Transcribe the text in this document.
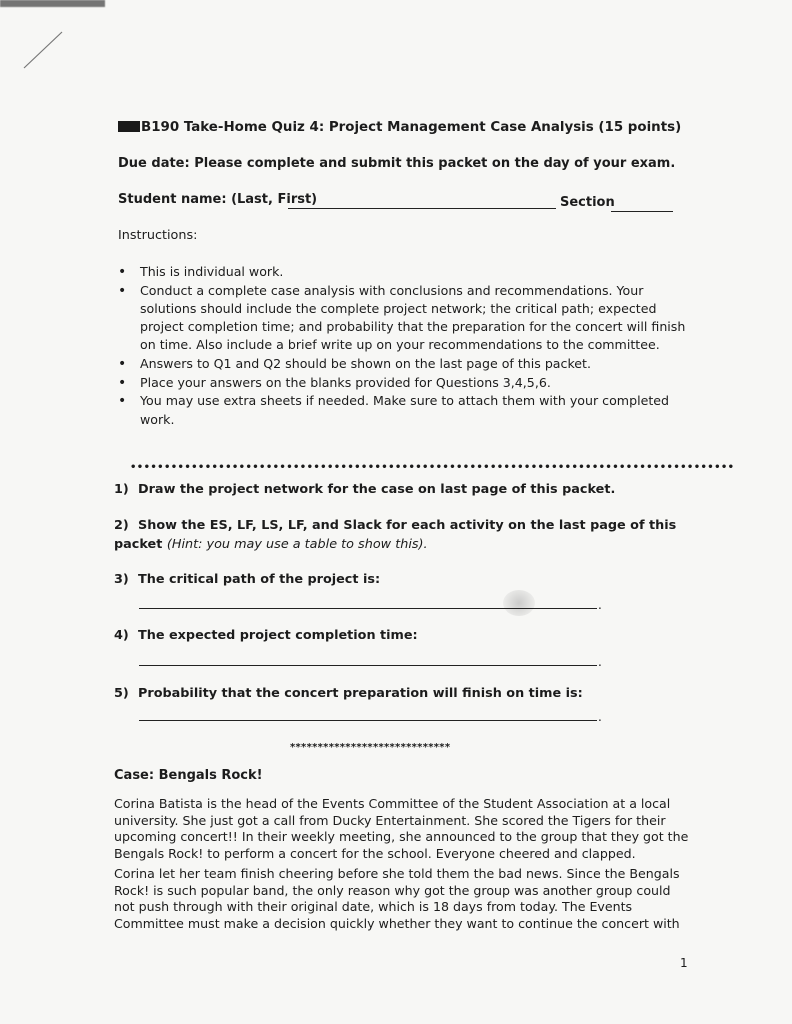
B190 Take-Home Quiz 4: Project Management Case Analysis (15 points)
Due date: Please complete and submit this packet on the day of your exam.
Student name: (Last, First)	Section
Instructions:
• This is individual work.
• Conduct a complete case analysis with conclusions and recommendations. Your solutions should include the complete project network; the critical path; expected project completion time; and probability that the preparation for the concert will finish on time. Also include a brief write up on your recommendations to the committee.
• Answers to Q1 and Q2 should be shown on the last page of this packet.
• Place your answers on the blanks provided for Questions 3,4,5,6.
• You may use extra sheets if needed. Make sure to attach them with your completed work.
•••••••••••••••••••••••••••••••••••••••••••••••••••••••••••••••••••••••••••••••••••••••••
1) Draw the project network for the case on last page of this packet.
2) Show the ES, LF, LS, LF, and Slack for each activity on the last page of this packet (Hint: you may use a table to show this).
3) The critical path of the project is:
.
4) The expected project completion time:
.
5) Probability that the concert preparation will finish on time is:
.
*****************************
Case: Bengals Rock!
Corina Batista is the head of the Events Committee of the Student Association at a local university. She just got a call from Ducky Entertainment. She scored the Tigers for their upcoming concert!! In their weekly meeting, she announced to the group that they got the Bengals Rock! to perform a concert for the school. Everyone cheered and clapped.
Corina let her team finish cheering before she told them the bad news. Since the Bengals Rock! is such popular band, the only reason why got the group was another group could not push through with their original date, which is 18 days from today. The Events Committee must make a decision quickly whether they want to continue the concert with
1
